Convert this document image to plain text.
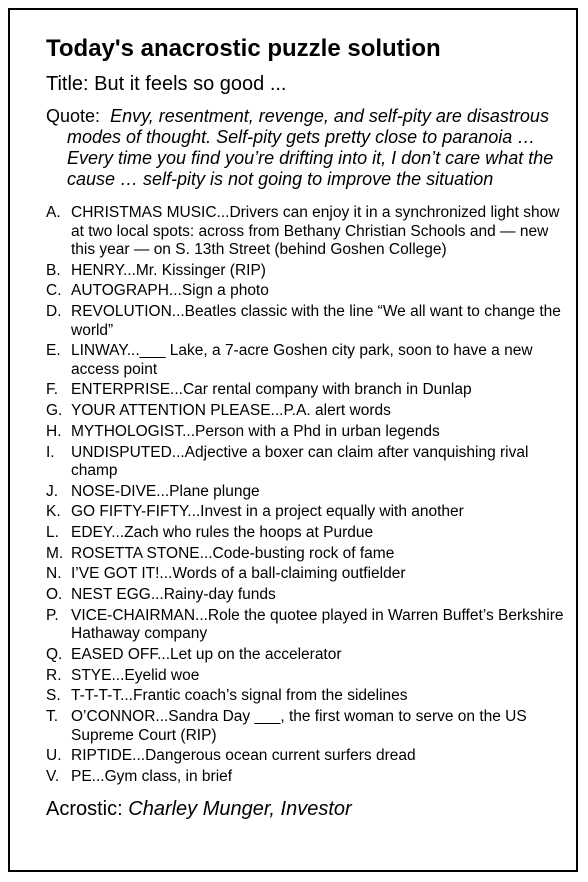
Today's anacrostic puzzle solution
Title: But it feels so good ...
Quote: Envy, resentment, revenge, and self-pity are disastrous modes of thought. Self-pity gets pretty close to paranoia … Every time you find you’re drifting into it, I don’t care what the cause … self-pity is not going to improve the situation
A. CHRISTMAS MUSIC...Drivers can enjoy it in a synchronized light show at two local spots: across from Bethany Christian Schools and — new this year — on S. 13th Street (behind Goshen College)
B. HENRY...Mr. Kissinger (RIP)
C. AUTOGRAPH...Sign a photo
D. REVOLUTION...Beatles classic with the line “We all want to change the world”
E. LINWAY...___ Lake, a 7-acre Goshen city park, soon to have a new access point
F. ENTERPRISE...Car rental company with branch in Dunlap
G. YOUR ATTENTION PLEASE...P.A. alert words
H. MYTHOLOGIST...Person with a Phd in urban legends
I.	UNDISPUTED...Adjective a boxer can claim after vanquishing rival champ
J. NOSE-DIVE...Plane plunge
K. GO FIFTY-FIFTY...Invest in a project equally with another
L. EDEY...Zach who rules the hoops at Purdue
M. ROSETTA STONE...Code-busting rock of fame
N. I’VE GOT IT!...Words of a ball-claiming outfielder
O. NEST EGG...Rainy-day funds
P. VICE-CHAIRMAN...Role the quotee played in Warren Buffet’s Berkshire Hathaway company
Q. EASED OFF...Let up on the accelerator
R. STYE...Eyelid woe
S. T-T-T-T...Frantic coach’s signal from the sidelines
T. O’CONNOR...Sandra Day ___, the first woman to serve on the US Supreme Court (RIP)
U. RIPTIDE...Dangerous ocean current surfers dread
V. PE...Gym class, in brief
Acrostic: Charley Munger, Investor
